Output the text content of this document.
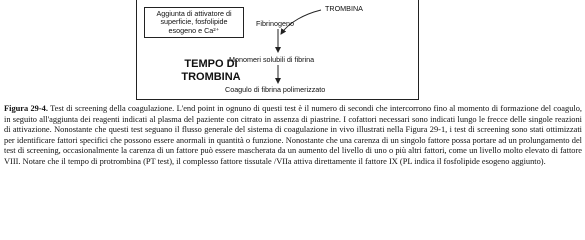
Aggiunta di attivatore di
superficie, fosfolipide
esogeno e Ca²⁺
TROMBINA
Fibrinogeno
Monomeri solubili di fibrina
Coagulo di fibrina polimerizzato
TEMPO DI
TROMBINA
Figura 29-4. Test di screening della coagulazione. L'end point in ognuno di questi test è il numero di secondi che intercorrono fino al momento di formazione del coagulo, in seguito all'aggiunta dei reagenti indicati al plasma del paziente con citrato in assenza di piastrine. I cofattori necessari sono indicati lungo le frecce delle singole reazioni di attivazione. Nonostante che questi test seguano il flusso generale del sistema di coagulazione in vivo illustrati nella Figura 29-1, i test di screening sono stati ottimizzati per identificare fattori specifici che possono essere anormali in quantità o funzione. Nonostante che una carenza di un singolo fattore possa portare ad un prolungamento del test di screening, occasionalmente la carenza di un fattore può essere mascherata da un aumento del livello di uno o più altri fattori, come un livello molto elevato di fattore VIII. Notare che il tempo di protrombina (PT test), il complesso fattore tissutale /VIIa attiva direttamente il fattore IX (PL indica il fosfolipide esogeno aggiunto).
